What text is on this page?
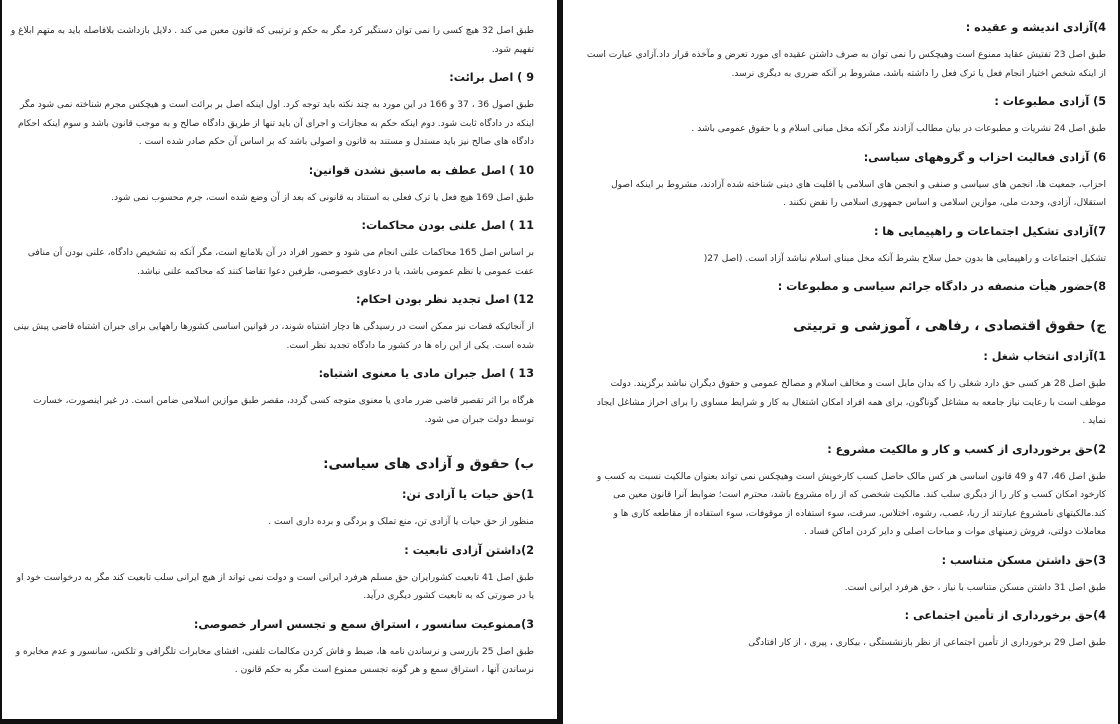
طبق اصل 32 هیچ کسی را نمی توان دستگیر کرد مگر به حکم و ترتیبی که قانون معین می کند . دلایل بازداشت بلافاصله باید به متهم ابلاغ و تفهیم شود.

9 ) اصل برائت:

طبق اصول 36 ، 37 و 166 در این مورد به چند نکته باید توجه کرد. اول اینکه اصل بر برائت است و هیچکس مجرم شناخته نمی شود مگر اینکه در دادگاه ثابت شود. دوم اینکه حکم به مجازات و اجرای آن باید تنها از طریق دادگاه صالح و به موجب قانون باشد و سوم اینکه احکام دادگاه های صالح نیز باید مستدل و مستند به قانون و اصولی باشد که بر اساس آن حکم صادر شده است .

10 ) اصل عطف به ماسبق نشدن قوانین:

طبق اصل 169 هیچ فعل یا ترک فعلی به استناد به قانونی که بعد از آن وضع شده است، جرم محسوب نمی شود.

11 ) اصل علنی بودن محاکمات:

بر اساس اصل 165 محاکمات علنی انجام می شود و حضور افراد در آن بلامانع است، مگر آنکه به تشخیص دادگاه، علنی بودن آن منافی عفت عمومی یا نظم عمومی باشد، یا در دعاوی خصوصی، طرفین دعوا تقاضا کنند که محاکمه علنی نباشد.

12) اصل تجدید نظر بودن احکام:

از آنجائیکه قضات نیز ممکن است در رسیدگی ها دچار اشتباه شوند، در قوانین اساسی کشورها راههایی برای جبران اشتباه قاضی پیش بینی شده است. یکی از این راه ها در کشور ما دادگاه تجدید نظر است.

13 ) اصل جبران مادی یا معنوی اشتباه:

هرگاه برا اثر تقصیر قاضی ضرر مادی یا معنوی متوجه کسی گردد، مقصر طبق موازین اسلامی ضامن است. در غیر اینصورت، خسارت توسط دولت جبران می شود.

ب) حقوق و آزادی های سیاسی:

1)حق حیات یا آزادی تن:

منظور از حق حیات یا آزادی تن، منع تملک و بردگی و برده داری است .

2)داشتن آزادی تابعیت :

طبق اصل 41 تابعیت کشورایران حق مسلم هرفرد ایرانی است و دولت نمی تواند از هیچ ایرانی سلب تابعیت کند مگر به درخواست خود او یا در صورتی که به تابعیت کشور دیگری درآید.

3)ممنوعیت سانسور ، استراق سمع و تجسس اسرار خصوصی:

طبق اصل 25 بازرسی و نرساندن نامه ها، ضبط و فاش کردن مکالمات تلفنی، افشای مخابرات تلگرافی و تلکس، سانسور و عدم مخابره و نرساندن آنها ، استراق سمع و هر گونه تجسس ممنوع است مگر به حکم قانون .

4)آزادی اندیشه و عقیده :

طبق اصل 23 تفتیش عقاید ممنوع است وهیچکس را نمی توان به صرف داشتن عقیده ای مورد تعرض و مآخذه قرار داد.آزادی عبارت است از اینکه شخص اختیار انجام فعل یا ترک فعل را داشته باشد، مشروط بر آنکه ضرری به دیگری نرسد.

5) آزادی مطبوعات :

طبق اصل 24 نشریات و مطبوعات در بیان مطالب آزادند مگر آنکه مخل مبانی اسلام و یا حقوق عمومی باشد .

6) آزادی فعالیت احزاب و گروههای سیاسی:

احزاب، جمعیت ها، انجمن های سیاسی و صنفی و انجمن های اسلامی یا اقلیت های دینی شناخته شده آزادند، مشروط بر اینکه اصول استقلال، آزادی، وحدت ملی، موازین اسلامی و اساس جمهوری اسلامی را نقض نکنند .

7)آزادی تشکیل اجتماعات و راهپیمایی ها :

تشکیل اجتماعات و راهپیمایی ها بدون حمل سلاح بشرط آنکه مخل مبنای اسلام نباشد آزاد است. (اصل 27(

8)حضور هیأت منصفه در دادگاه جرائم سیاسی و مطبوعات :

ج) حقوق اقتصادی ، رفاهی ، آموزشی و تربیتی

1)آزادی انتخاب شغل :

طبق اصل 28 هر کسی حق دارد شغلی را که بدان مایل است و مخالف اسلام و مصالح عمومی و حقوق دیگران نباشد برگزیند. دولت موظف است با رعایت نیاز جامعه به مشاغل گوناگون، برای همه افراد امکان اشتغال به کار و شرایط مساوی را برای احراز مشاغل ایجاد نماید .

2)حق برخورداری از کسب و کار و مالکیت مشروع :

طبق اصل 46، 47 و 49 قانون اساسی هر کس مالک حاصل کسب کارخویش است وهیچکس نمی تواند بعنوان مالکیت نسبت به کسب و کارخود امکان کسب و کار را از دیگری سلب کند. مالکیت شخصی که از راه مشروع باشد، محترم است؛ ضوابط آنرا قانون معین می کند.مالکیتهای نامشروع عبارتند از ربا، غصب، رشوه، اختلاس، سرقت، سوء استفاده از موقوفات، سوء استفاده از مقاطعه کاری ها و معاملات دولتی، فروش زمینهای موات و مباحات اصلی و دایر کردن اماکن فساد .

3)حق داشتن مسکن متناسب :

طبق اصل 31 داشتن مسکن متناسب با نیاز ، حق هرفرد ایرانی است.

4)حق برخورداری از تأمین اجتماعی :

طبق اصل 29 برخورداری از تأمین اجتماعی از نظر بازنشستگی ، بیکاری ، پیری ، از کار افتادگی
